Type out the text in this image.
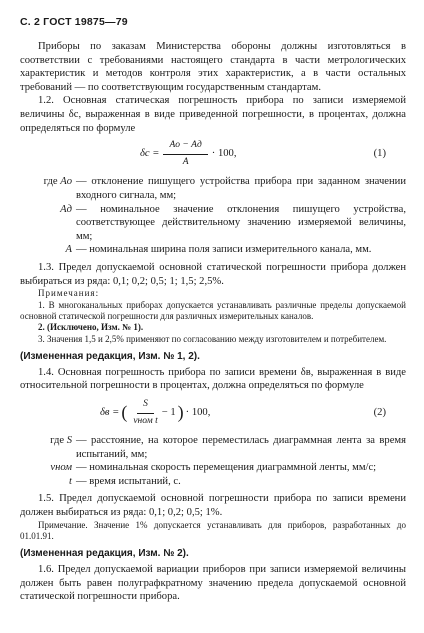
С. 2 ГОСТ 19875—79

Приборы по заказам Министерства обороны должны изготовляться в соответствии с требованиями настоящего стандарта в части метрологических характеристик и методов контроля этих характеристик, а в части остальных требований — по соответствующим государственным стандартам.

1.2. Основная статическая погрешность прибора по записи измеряемой величины δс, выраженная в виде приведенной погрешности, в процентах, должна определяться по формуле

$\delta с = \frac{Aо - Aд}{A} \cdot 100$,	(1)
где Aо — отклонение пишущего устройства прибора при заданном значении входного сигнала, мм;
Aд — номинальное значение отклонения пишущего устройства, соответствующее действительному значению измеряемой величины, мм;
A — номинальная ширина поля записи измерительного канала, мм.

1.3. Предел допускаемой основной статической погрешности прибора должен выбираться из ряда: 0,1; 0,2; 0,5; 1; 1,5; 2,5%.

Примечания:

1. В многоканальных приборах допускается устанавливать различные пределы допускаемой основной статической погрешности для различных измерительных каналов.

2. (Исключено, Изм. № 1).

3. Значения 1,5 и 2,5% применяют по согласованию между изготовителем и потребителем.

(Измененная редакция, Изм. № 1, 2).

1.4. Основная погрешность прибора по записи времени δв, выраженная в виде относительной погрешности в процентах, должна определяться по формуле

δв = ( $\frac{S}{\text{vном t}} - 1$ ) · 100,	(2)
где S — расстояние, на которое переместилась диаграммная лента за время испытаний, мм;
vном — номинальная скорость перемещения диаграммной ленты, мм/с;
t — время испытаний, с.

1.5. Предел допускаемой основной погрешности прибора по записи времени должен выбираться из ряда: 0,1; 0,2; 0,5; 1%.

Примечание. Значение 1% допускается устанавливать для приборов, разработанных до 01.01.91.

(Измененная редакция, Изм. № 2).

1.6. Предел допускаемой вариации приборов при записи измеряемой величины должен быть равен полуграфкратному значению предела допускаемой основной статической погрешности прибора.
